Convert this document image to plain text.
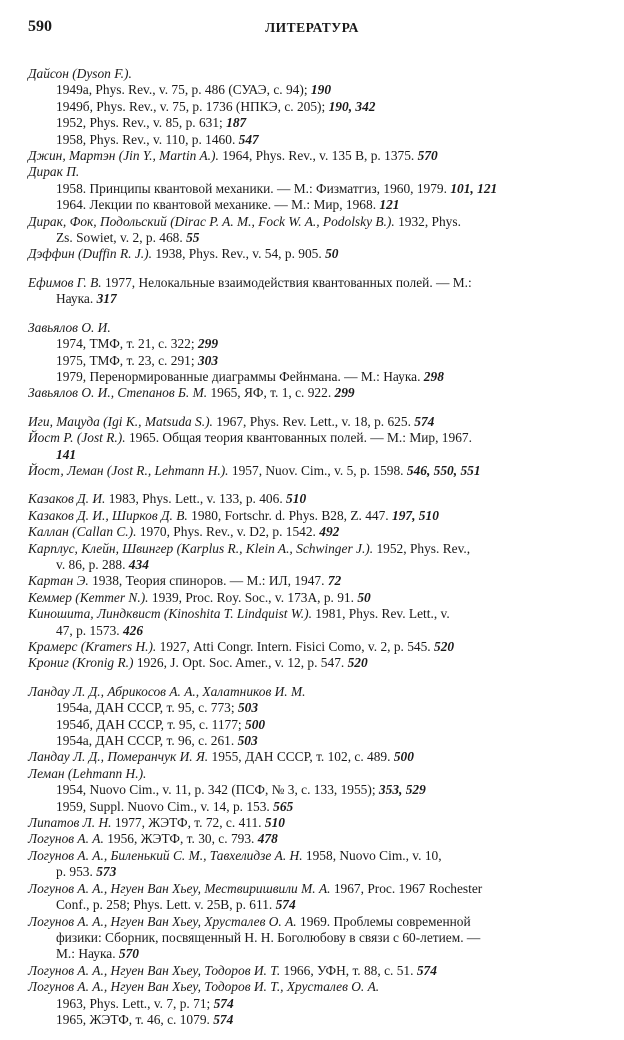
590	ЛИТЕРАТУРА
Дайсон (Dyson F.).
1949a, Phys. Rev., v. 75, p. 486 (СУАЭ, с. 94); 190
1949б, Phys. Rev., v. 75, p. 1736 (НПКЭ, с. 205); 190, 342
1952, Phys. Rev., v. 85, p. 631; 187
1958, Phys. Rev., v. 110, p. 1460. 547
Джин, Мартэн (Jin Y., Martin A.). 1964, Phys. Rev., v. 135 B, p. 1375. 570
Дирак П.
1958. Принципы квантовой механики. — М.: Физматгиз, 1960, 1979. 101, 121
1964. Лекции по квантовой механике. — М.: Мир, 1968. 121
Дирак, Фок, Подольский (Dirac P. A. M., Fock W. A., Podolsky B.). 1932, Phys.
Zs. Sowiet, v. 2, p. 468. 55
Дэффин (Duffin R. J.). 1938, Phys. Rev., v. 54, p. 905. 50
Ефимов Г. В. 1977, Нелокальные взаимодействия квантованных полей. — М.:
Наука. 317
Завьялов О. И.
1974, ТМФ, т. 21, с. 322; 299
1975, ТМФ, т. 23, с. 291; 303
1979, Перенормированные диаграммы Фейнмана. — М.: Наука. 298
Завьялов О. И., Степанов Б. М. 1965, ЯФ, т. 1, с. 922. 299
Иги, Мацуда (Igi K., Matsuda S.). 1967, Phys. Rev. Lett., v. 18, p. 625. 574
Йост Р. (Jost R.). 1965. Общая теория квантованных полей. — М.: Мир, 1967.
141
Йост, Леман (Jost R., Lehmann H.). 1957, Nuov. Cim., v. 5, p. 1598. 546, 550, 551
Казаков Д. И. 1983, Phys. Lett., v. 133, p. 406. 510
Казаков Д. И., Ширков Д. В. 1980, Fortschr. d. Phys. B28, Z. 447. 197, 510
Каллан (Callan C.). 1970, Phys. Rev., v. D2, p. 1542. 492
Карплус, Клейн, Швингер (Karplus R., Klein A., Schwinger J.). 1952, Phys. Rev.,
v. 86, p. 288. 434
Картан Э. 1938, Теория спиноров. — М.: ИЛ, 1947. 72
Кеммер (Kemmer N.). 1939, Proc. Roy. Soc., v. 173A, p. 91. 50
Киношита, Линдквист (Kinoshita T. Lindquist W.). 1981, Phys. Rev. Lett., v.
47, p. 1573. 426
Крамерс (Kramers H.). 1927, Atti Congr. Intern. Fisici Como, v. 2, p. 545. 520
Крониг (Kronig R.) 1926, J. Opt. Soc. Amer., v. 12, p. 547. 520
Ландау Л. Д., Абрикосов А. А., Халатников И. М.
1954a, ДАН СССР, т. 95, с. 773; 503
1954б, ДАН СССР, т. 95, с. 1177; 500
1954a, ДАН СССР, т. 96, с. 261. 503
Ландау Л. Д., Померанчук И. Я. 1955, ДАН СССР, т. 102, с. 489. 500
Леман (Lehmann H.).
1954, Nuovo Cim., v. 11, p. 342 (ПСФ, № 3, с. 133, 1955); 353, 529
1959, Suppl. Nuovo Cim., v. 14, p. 153. 565
Липатов Л. Н. 1977, ЖЭТФ, т. 72, с. 411. 510
Логунов А. А. 1956, ЖЭТФ, т. 30, с. 793. 478
Логунов А. А., Биленький С. М., Тавхелидзе А. Н. 1958, Nuovo Cim., v. 10,
p. 953. 573
Логунов А. А., Нгуен Ван Хьеу, Мествиришвили М. А. 1967, Proc. 1967 Rochester
Conf., p. 258; Phys. Lett. v. 25B, p. 611. 574
Логунов А. А., Нгуен Ван Хьеу, Хрусталев О. А. 1969. Проблемы современной
физики: Сборник, посвященный Н. Н. Боголюбову в связи с 60-летием. —
М.: Наука. 570
Логунов А. А., Нгуен Ван Хьеу, Тодоров И. Т. 1966, УФН, т. 88, с. 51. 574
Логунов А. А., Нгуен Ван Хьеу, Тодоров И. Т., Хрусталев О. А.
1963, Phys. Lett., v. 7, p. 71; 574
1965, ЖЭТФ, т. 46, с. 1079. 574
